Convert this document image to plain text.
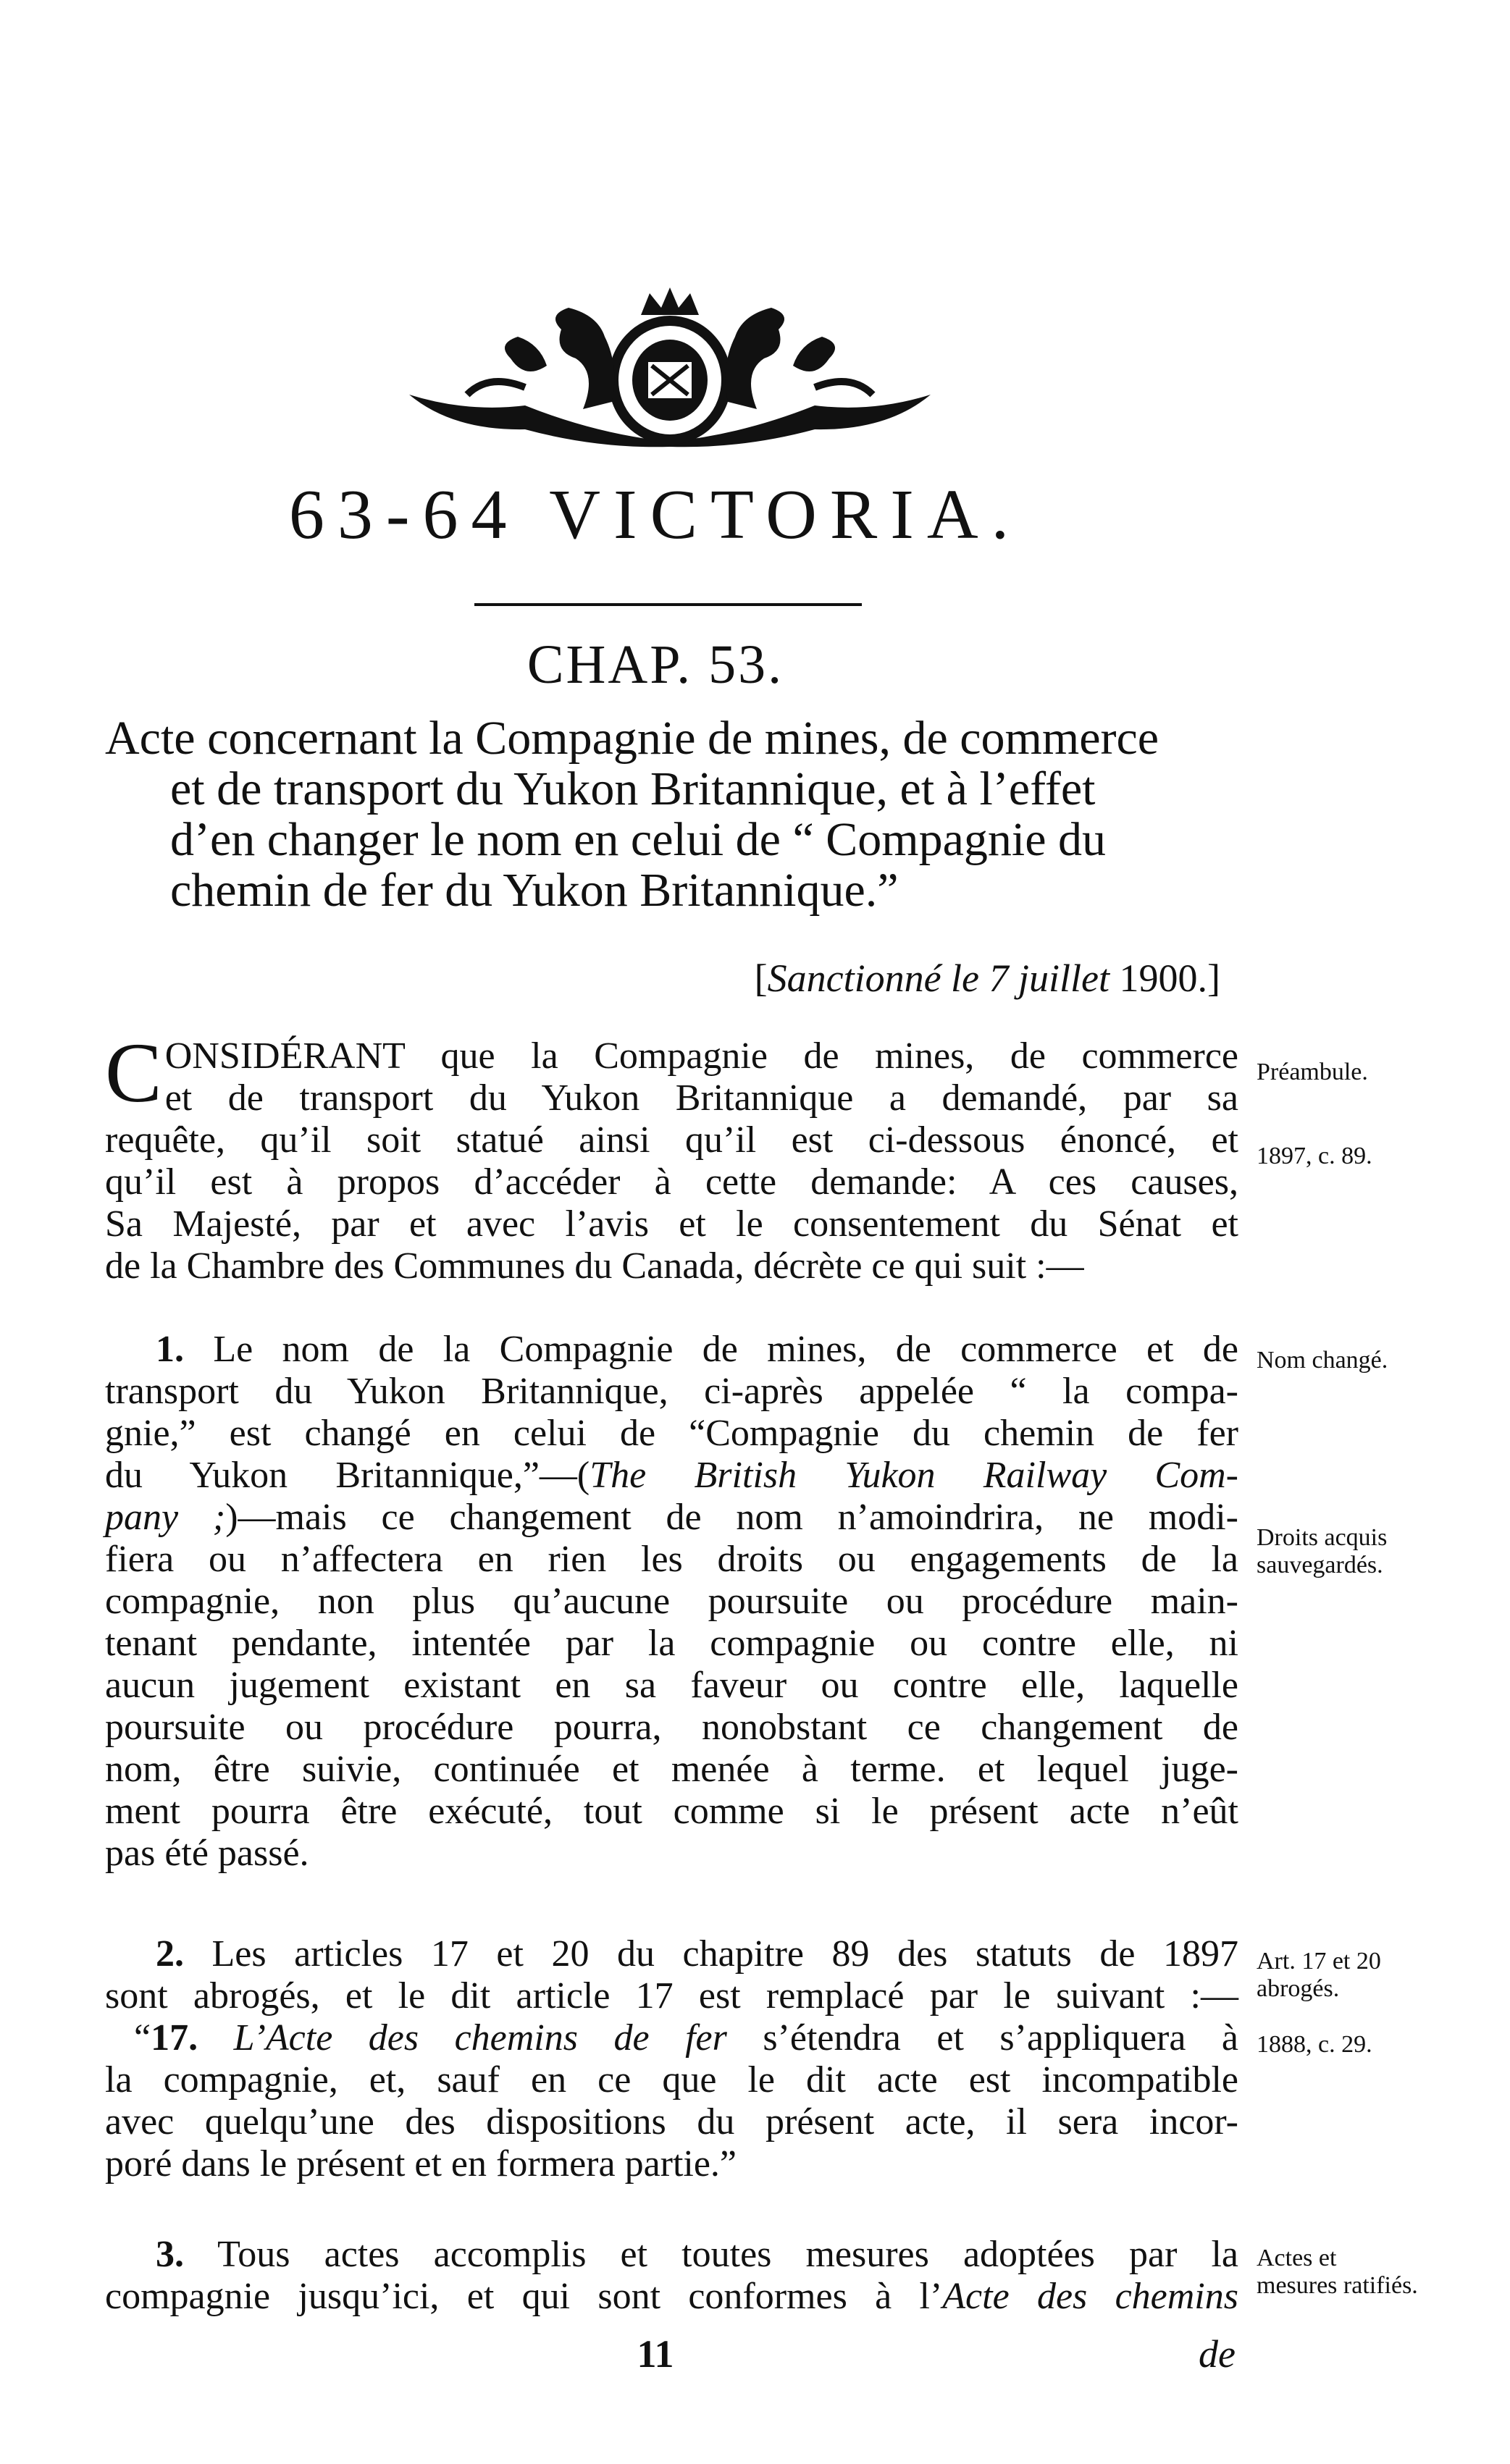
63-64 VICTORIA.
CHAP. 53.
Acte concernant la Compagnie de mines, de commerce
et de transport du Yukon Britannique, et à l’effet
d’en changer le nom en celui de “ Compagnie du
chemin de fer du Yukon Britannique.”
[Sanctionné le 7 juillet 1900.]
C ONSIDÉRANT que la Compagnie de mines, de commerce
et de transport du Yukon Britannique a demandé, par sa
requête, qu’il soit statué ainsi qu’il est ci-dessous énoncé, et
qu’il est à propos d’accéder à cette demande: A ces causes,
Sa Majesté, par et avec l’avis et le consentement du Sénat et
de la Chambre des Communes du Canada, décrète ce qui suit :—
1. Le nom de la Compagnie de mines, de commerce et de
transport du Yukon Britannique, ci-après appelée “ la compa-
gnie,” est changé en celui de “Compagnie du chemin de fer
du Yukon Britannique,”—(The British Yukon Railway Com-
pany ;)—mais ce changement de nom n’amoindrira, ne modi-
fiera ou n’affectera en rien les droits ou engagements de la
compagnie, non plus qu’aucune poursuite ou procédure main-
tenant pendante, intentée par la compagnie ou contre elle, ni
aucun jugement existant en sa faveur ou contre elle, laquelle
poursuite ou procédure pourra, nonobstant ce changement de
nom, être suivie, continuée et menée à terme. et lequel juge-
ment pourra être exécuté, tout comme si le présent acte n’eût
pas été passé.
2. Les articles 17 et 20 du chapitre 89 des statuts de 1897
sont abrogés, et le dit article 17 est remplacé par le suivant :—
“17. L’Acte des chemins de fer s’étendra et s’appliquera à
la compagnie, et, sauf en ce que le dit acte est incompatible
avec quelqu’une des dispositions du présent acte, il sera incor-
poré dans le présent et en formera partie.”
3. Tous actes accomplis et toutes mesures adoptées par la
compagnie jusqu’ici, et qui sont conformes à l’Acte des chemins
Préambule.
1897, c. 89.
Nom changé.
Droits acquis sauvegardés.
Art. 17 et 20 abrogés.
1888, c. 29.
Actes et mesures ratifiés.
11	de
